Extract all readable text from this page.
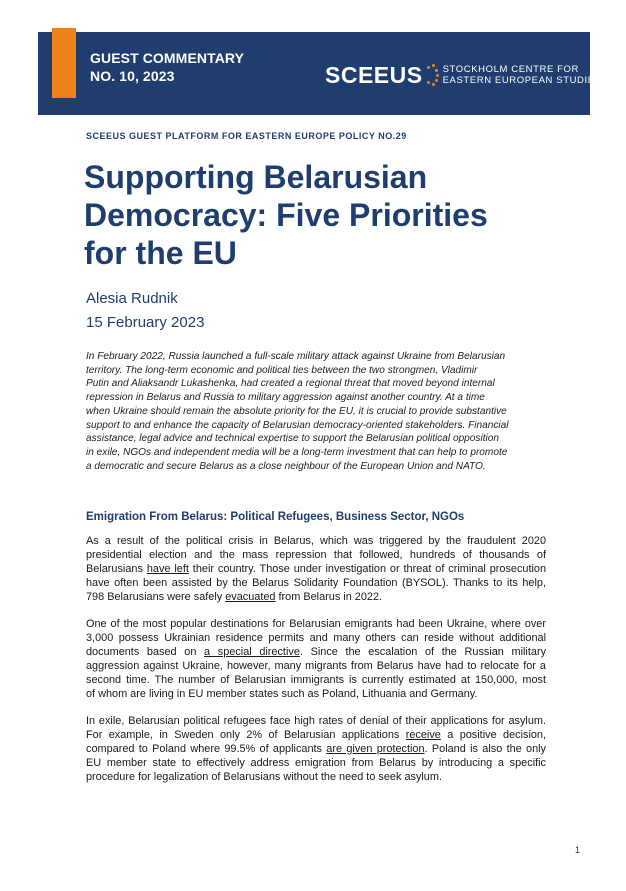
GUEST COMMENTARY
NO. 10, 2023	SCEEUS STOCKHOLM CENTRE FOR
EASTERN EUROPEAN STUDIES
SCEEUS GUEST PLATFORM FOR EASTERN EUROPE POLICY NO.29
Supporting Belarusian
Democracy: Five Priorities
for the EU
Alesia Rudnik
15 February 2023
In February 2022, Russia launched a full-scale military attack against Ukraine from Belarusian
territory. The long-term economic and political ties between the two strongmen, Vladimir
Putin and Aliaksandr Lukashenka, had created a regional threat that moved beyond internal
repression in Belarus and Russia to military aggression against another country. At a time
when Ukraine should remain the absolute priority for the EU, it is crucial to provide substantive
support to and enhance the capacity of Belarusian democracy-oriented stakeholders. Financial
assistance, legal advice and technical expertise to support the Belarusian political opposition
in exile, NGOs and independent media will be a long-term investment that can help to promote
a democratic and secure Belarus as a close neighbour of the European Union and NATO.
Emigration From Belarus: Political Refugees, Business Sector, NGOs
As a result of the political crisis in Belarus, which was triggered by the fraudulent 2020
presidential election and the mass repression that followed, hundreds of thousands of
Belarusians have left their country. Those under investigation or threat of criminal prosecution
have often been assisted by the Belarus Solidarity Foundation (BYSOL). Thanks to its help,
798 Belarusians were safely evacuated from Belarus in 2022.
One of the most popular destinations for Belarusian emigrants had been Ukraine, where over
3,000 possess Ukrainian residence permits and many others can reside without additional
documents based on a special directive. Since the escalation of the Russian military
aggression against Ukraine, however, many migrants from Belarus have had to relocate for a
second time. The number of Belarusian immigrants is currently estimated at 150,000, most
of whom are living in EU member states such as Poland, Lithuania and Germany.
In exile, Belarusian political refugees face high rates of denial of their applications for asylum.
For example, in Sweden only 2% of Belarusian applications receive a positive decision,
compared to Poland where 99.5% of applicants are given protection. Poland is also the only
EU member state to effectively address emigration from Belarus by introducing a specific
procedure for legalization of Belarusians without the need to seek asylum.
1
